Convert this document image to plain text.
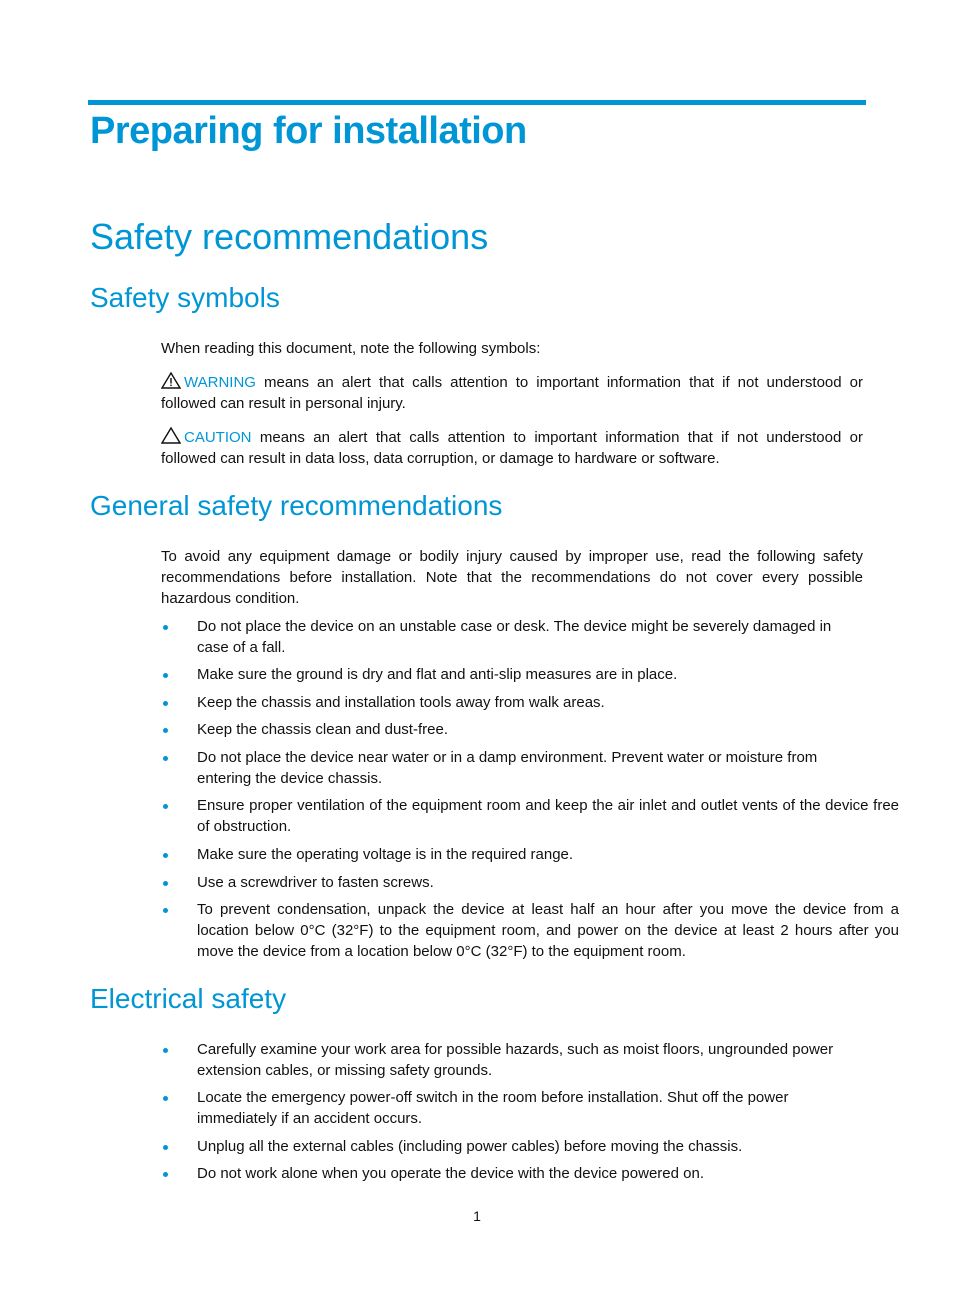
Preparing for installation
Safety recommendations
Safety symbols

When reading this document, note the following symbols:

WARNING means an alert that calls attention to important information that if not understood or followed can result in personal injury.

CAUTION means an alert that calls attention to important information that if not understood or followed can result in data loss, data corruption, or damage to hardware or software.

General safety recommendations

To avoid any equipment damage or bodily injury caused by improper use, read the following safety recommendations before installation. Note that the recommendations do not cover every possible hazardous condition.

Do not place the device on an unstable case or desk. The device might be severely damaged in case of a fall.
Make sure the ground is dry and flat and anti-slip measures are in place.
Keep the chassis and installation tools away from walk areas.
Keep the chassis clean and dust-free.
Do not place the device near water or in a damp environment. Prevent water or moisture from entering the device chassis.
Ensure proper ventilation of the equipment room and keep the air inlet and outlet vents of the device free of obstruction.
Make sure the operating voltage is in the required range.
Use a screwdriver to fasten screws.
To prevent condensation, unpack the device at least half an hour after you move the device from a location below 0°C (32°F) to the equipment room, and power on the device at least 2 hours after you move the device from a location below 0°C (32°F) to the equipment room.
Electrical safety
Carefully examine your work area for possible hazards, such as moist floors, ungrounded power extension cables, or missing safety grounds.
Locate the emergency power-off switch in the room before installation. Shut off the power immediately if an accident occurs.
Unplug all the external cables (including power cables) before moving the chassis.
Do not work alone when you operate the device with the device powered on.
1
